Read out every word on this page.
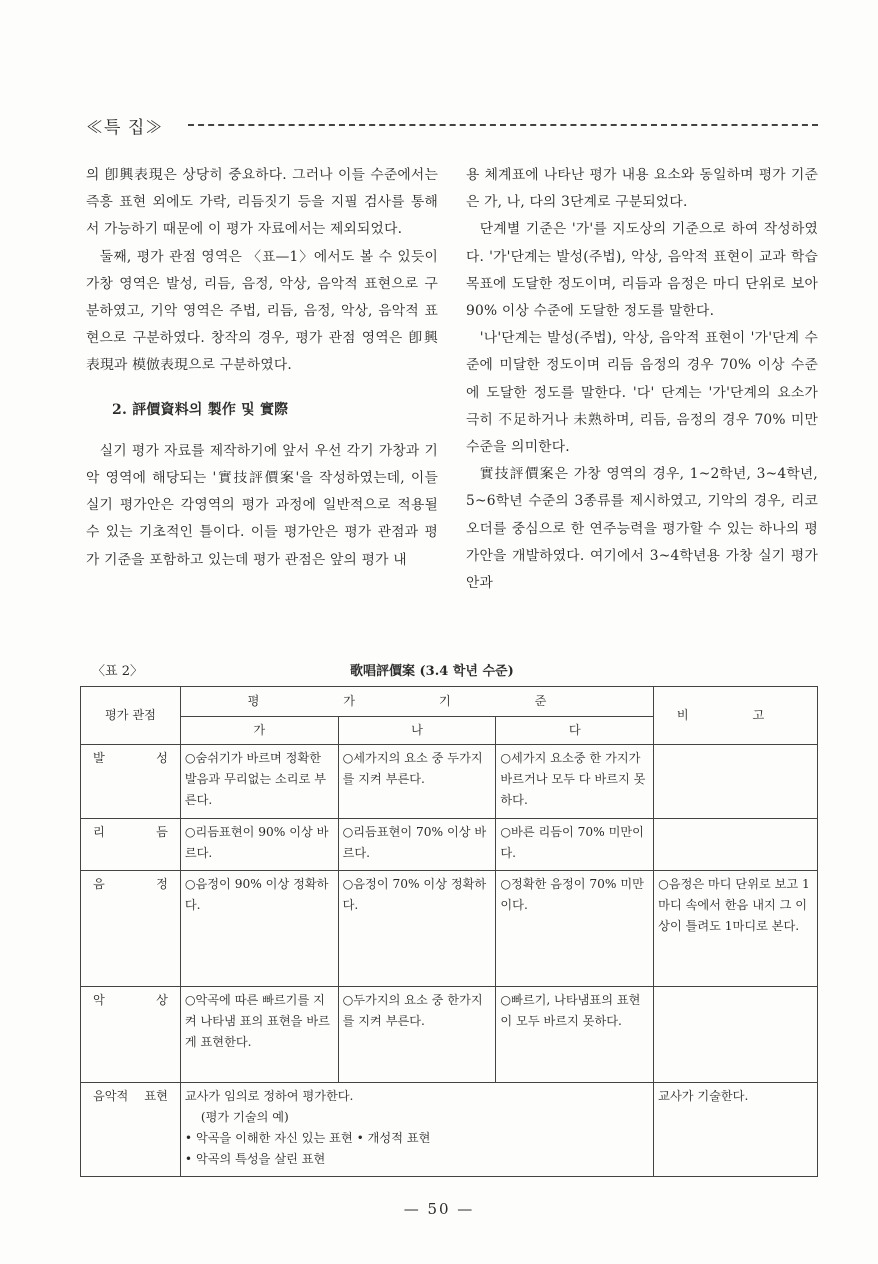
≪특 집≫

의 卽興表現은 상당히 중요하다. 그러나 이들 수준에서는 즉흥 표현 외에도 가락, 리듬짓기 등을 지필 검사를 통해서 가능하기 때문에 이 평가 자료에서는 제외되었다.

둘째, 평가 관점 영역은 〈표—1〉에서도 볼 수 있듯이 가창 영역은 발성, 리듬, 음정, 악상, 음악적 표현으로 구분하였고, 기악 영역은 주법, 리듬, 음정, 악상, 음악적 표현으로 구분하였다. 창작의 경우, 평가 관점 영역은 卽興表現과 模倣表現으로 구분하였다.

2. 評價資料의 製作 및 實際

실기 평가 자료를 제작하기에 앞서 우선 각기 가창과 기악 영역에 해당되는 '實技評價案'을 작성하였는데, 이들 실기 평가안은 각영역의 평가 과정에 일반적으로 적용될 수 있는 기초적인 틀이다. 이들 평가안은 평가 관점과 평가 기준을 포함하고 있는데 평가 관점은 앞의 평가 내

용 체계표에 나타난 평가 내용 요소와 동일하며 평가 기준은 가, 나, 다의 3단계로 구분되었다.

단계별 기준은 '가'를 지도상의 기준으로 하여 작성하였다. '가'단계는 발성(주법), 악상, 음악적 표현이 교과 학습 목표에 도달한 정도이며, 리듬과 음정은 마디 단위로 보아 90% 이상 수준에 도달한 정도를 말한다.

'나'단계는 발성(주법), 악상, 음악적 표현이 '가'단계 수준에 미달한 정도이며 리듬 음정의 경우 70% 이상 수준에 도달한 정도를 말한다. '다' 단계는 '가'단계의 요소가 극히 不足하거나 未熟하며, 리듬, 음정의 경우 70% 미만 수준을 의미한다.

實技評價案은 가창 영역의 경우, 1~2학년, 3~4학년, 5~6학년 수준의 3종류를 제시하였고, 기악의 경우, 리코오더를 중심으로 한 연주능력을 평가할 수 있는 하나의 평가안을 개발하였다. 여기에서 3~4학년용 가창 실기 평가안과

〈표 2〉	歌唱評價案 (3.4 학년 수준)
평가 관점	평 가 기 준			비 고
	가	나	다	
발 성	○숨쉬기가 바르며 정확한 발음과 무리없는 소리로 부른다.	○세가지의 요소 중 두가지를 지켜 부른다.	○세가지 요소중 한 가지가 바르거나 모두 다 바르지 못하다.	
리 듬	○리듬표현이 90% 이상 바르다.	○리듬표현이 70% 이상 바르다.	○바른 리듬이 70% 미만이다.	
음 정	○음정이 90% 이상 정확하다.	○음정이 70% 이상 정확하다.	○정확한 음정이 70% 미만이다.	○음정은 마디 단위로 보고 1마디 속에서 한음 내지 그 이상이 틀려도 1마디로 본다.
악 상	○악곡에 따른 빠르기를 지켜 나타냄 표의 표현을 바르게 표현한다.	○두가지의 요소 중 한가지를 지켜 부른다.	○빠르기, 나타냄표의 표현이 모두 바르지 못하다.	
음악적 표현	교사가 임의로 정하여 평가한다.
(평가 기술의 예)
• 악곡을 이해한 자신 있는 표현 • 개성적 표현
• 악곡의 특성을 살린 표현			교사가 기술한다.
— 50 —
